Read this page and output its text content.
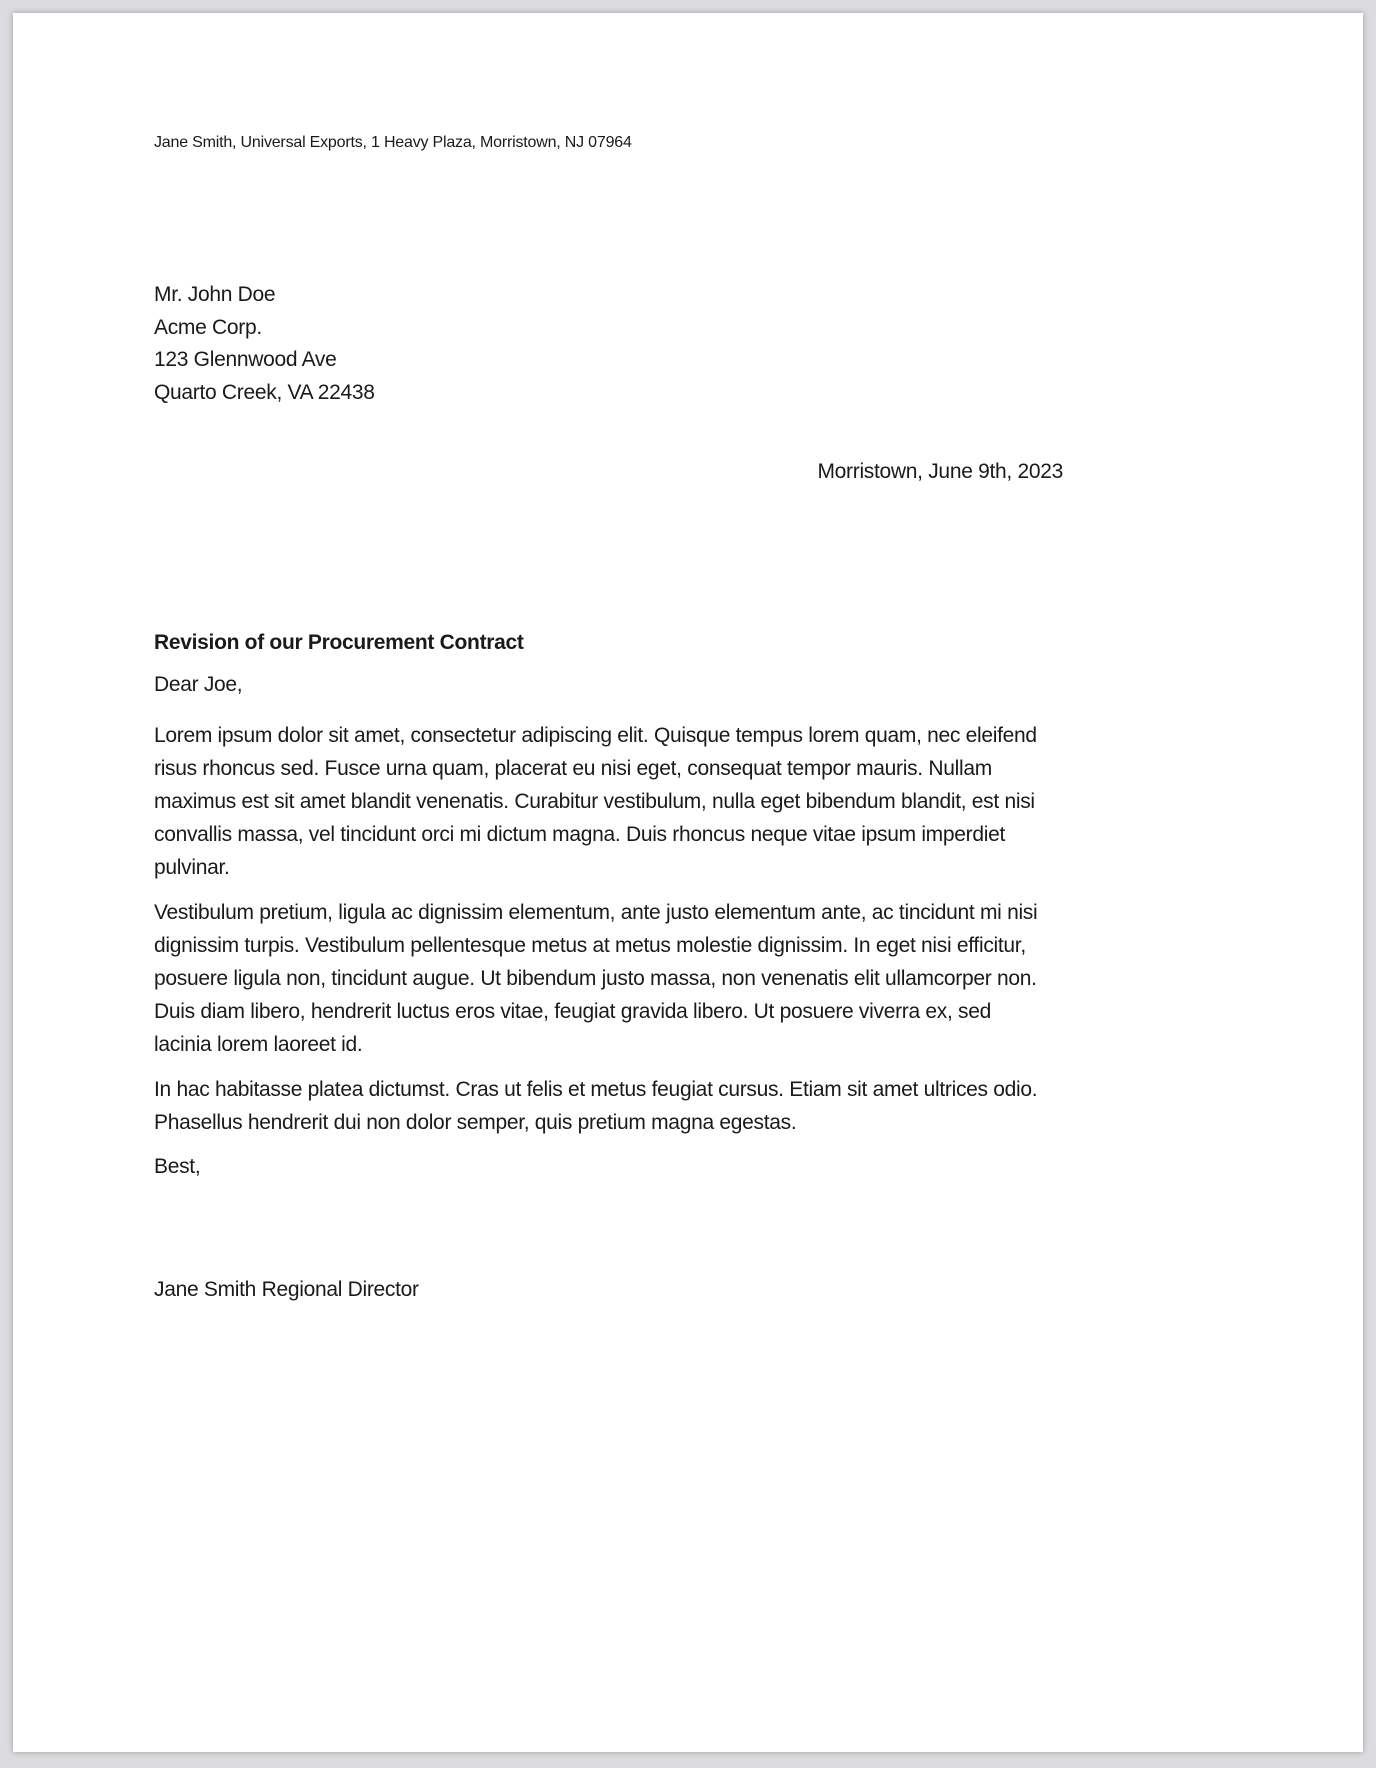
Jane Smith, Universal Exports, 1 Heavy Plaza, Morristown, NJ 07964
Mr. John Doe
Acme Corp.
123 Glennwood Ave
Quarto Creek, VA 22438
Morristown, June 9th, 2023
Revision of our Procurement Contract
Dear Joe,
Lorem ipsum dolor sit amet, consectetur adipiscing elit. Quisque tempus lorem quam, nec eleifend
risus rhoncus sed. Fusce urna quam, placerat eu nisi eget, consequat tempor mauris. Nullam
maximus est sit amet blandit venenatis. Curabitur vestibulum, nulla eget bibendum blandit, est nisi
convallis massa, vel tincidunt orci mi dictum magna. Duis rhoncus neque vitae ipsum imperdiet
pulvinar.
Vestibulum pretium, ligula ac dignissim elementum, ante justo elementum ante, ac tincidunt mi nisi
dignissim turpis. Vestibulum pellentesque metus at metus molestie dignissim. In eget nisi efficitur,
posuere ligula non, tincidunt augue. Ut bibendum justo massa, non venenatis elit ullamcorper non.
Duis diam libero, hendrerit luctus eros vitae, feugiat gravida libero. Ut posuere viverra ex, sed
lacinia lorem laoreet id.
In hac habitasse platea dictumst. Cras ut felis et metus feugiat cursus. Etiam sit amet ultrices odio.
Phasellus hendrerit dui non dolor semper, quis pretium magna egestas.
Best,
Jane Smith Regional Director
